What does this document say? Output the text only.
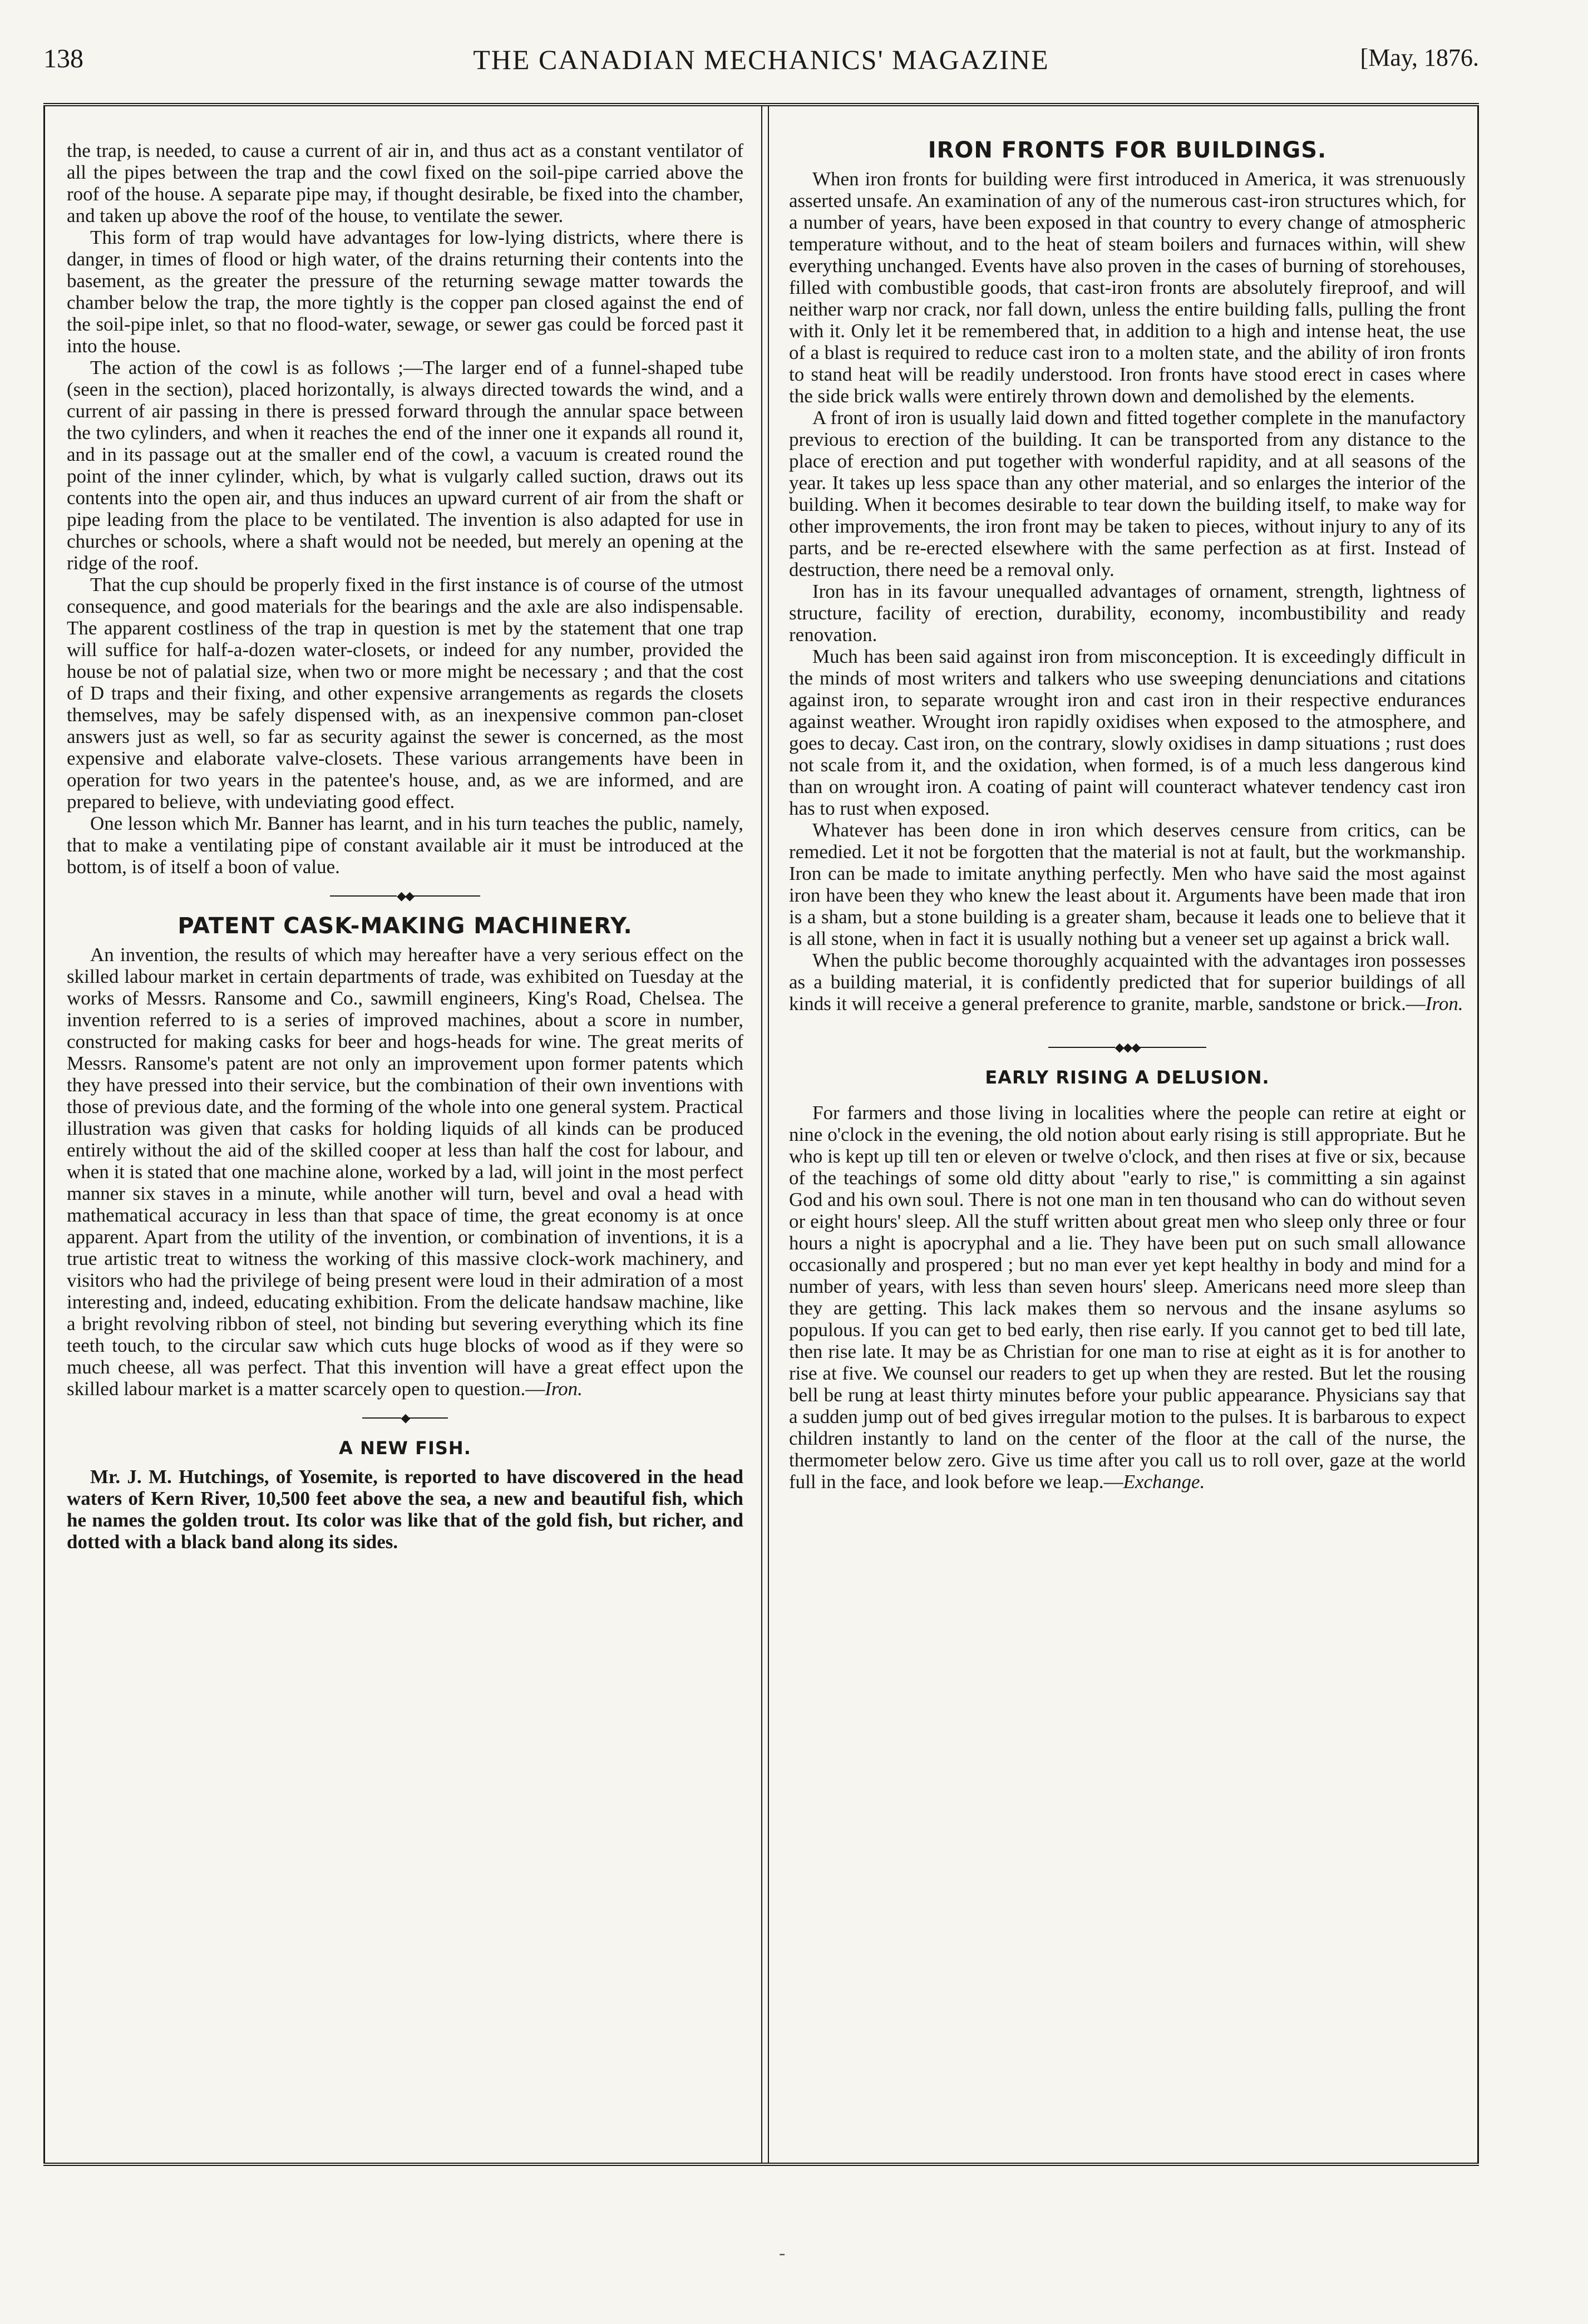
138	THE CANADIAN MECHANICS' MAGAZINE	[May, 1876.

the trap, is needed, to cause a current of air in, and thus act as a constant ventilator of all the pipes between the trap and the cowl fixed on the soil-pipe carried above the roof of the house. A separate pipe may, if thought desirable, be fixed into the chamber, and taken up above the roof of the house, to ventilate the sewer.

This form of trap would have advantages for low-lying districts, where there is danger, in times of flood or high water, of the drains returning their contents into the basement, as the greater the pressure of the returning sewage matter towards the chamber below the trap, the more tightly is the copper pan closed against the end of the soil-pipe inlet, so that no flood-water, sewage, or sewer gas could be forced past it into the house.

The action of the cowl is as follows ;—The larger end of a funnel-shaped tube (seen in the section), placed horizontally, is always directed towards the wind, and a current of air passing in there is pressed forward through the annular space between the two cylinders, and when it reaches the end of the inner one it expands all round it, and in its passage out at the smaller end of the cowl, a vacuum is created round the point of the inner cylinder, which, by what is vulgarly called suction, draws out its contents into the open air, and thus induces an upward current of air from the shaft or pipe leading from the place to be ventilated. The invention is also adapted for use in churches or schools, where a shaft would not be needed, but merely an opening at the ridge of the roof.

That the cup should be properly fixed in the first instance is of course of the utmost consequence, and good materials for the bearings and the axle are also indispensable. The apparent costliness of the trap in question is met by the statement that one trap will suffice for half-a-dozen water-closets, or indeed for any number, provided the house be not of palatial size, when two or more might be necessary ; and that the cost of D traps and their fixing, and other expensive arrangements as regards the closets themselves, may be safely dispensed with, as an inexpensive common pan-closet answers just as well, so far as security against the sewer is concerned, as the most expensive and elaborate valve-closets. These various arrangements have been in operation for two years in the patentee's house, and, as we are informed, and are prepared to believe, with undeviating good effect.

One lesson which Mr. Banner has learnt, and in his turn teaches the public, namely, that to make a ventilating pipe of constant available air it must be introduced at the bottom, is of itself a boon of value.

◆◆
PATENT CASK-MAKING MACHINERY.

An invention, the results of which may hereafter have a very serious effect on the skilled labour market in certain departments of trade, was exhibited on Tuesday at the works of Messrs. Ransome and Co., sawmill engineers, King's Road, Chelsea. The invention referred to is a series of improved machines, about a score in number, constructed for making casks for beer and hogs-heads for wine. The great merits of Messrs. Ransome's patent are not only an improvement upon former patents which they have pressed into their service, but the combination of their own inventions with those of previous date, and the forming of the whole into one general system. Practical illustration was given that casks for holding liquids of all kinds can be produced entirely without the aid of the skilled cooper at less than half the cost for labour, and when it is stated that one machine alone, worked by a lad, will joint in the most perfect manner six staves in a minute, while another will turn, bevel and oval a head with mathematical accuracy in less than that space of time, the great economy is at once apparent. Apart from the utility of the invention, or combination of inventions, it is a true artistic treat to witness the working of this massive clock-work machinery, and visitors who had the privilege of being present were loud in their admiration of a most interesting and, indeed, educating exhibition. From the delicate handsaw machine, like a bright revolving ribbon of steel, not binding but severing everything which its fine teeth touch, to the circular saw which cuts huge blocks of wood as if they were so much cheese, all was perfect. That this invention will have a great effect upon the skilled labour market is a matter scarcely open to question.—Iron.

◆
A NEW FISH.

Mr. J. M. Hutchings, of Yosemite, is reported to have discovered in the head waters of Kern River, 10,500 feet above the sea, a new and beautiful fish, which he names the golden trout. Its color was like that of the gold fish, but richer, and dotted with a black band along its sides.

IRON FRONTS FOR BUILDINGS.

When iron fronts for building were first introduced in America, it was strenuously asserted unsafe. An examination of any of the numerous cast-iron structures which, for a number of years, have been exposed in that country to every change of atmospheric temperature without, and to the heat of steam boilers and furnaces within, will shew everything unchanged. Events have also proven in the cases of burning of storehouses, filled with combustible goods, that cast-iron fronts are absolutely fireproof, and will neither warp nor crack, nor fall down, unless the entire building falls, pulling the front with it. Only let it be remembered that, in addition to a high and intense heat, the use of a blast is required to reduce cast iron to a molten state, and the ability of iron fronts to stand heat will be readily understood. Iron fronts have stood erect in cases where the side brick walls were entirely thrown down and demolished by the elements.

A front of iron is usually laid down and fitted together complete in the manufactory previous to erection of the building. It can be transported from any distance to the place of erection and put together with wonderful rapidity, and at all seasons of the year. It takes up less space than any other material, and so enlarges the interior of the building. When it becomes desirable to tear down the building itself, to make way for other improvements, the iron front may be taken to pieces, without injury to any of its parts, and be re-erected elsewhere with the same perfection as at first. Instead of destruction, there need be a removal only.

Iron has in its favour unequalled advantages of ornament, strength, lightness of structure, facility of erection, durability, economy, incombustibility and ready renovation.

Much has been said against iron from misconception. It is exceedingly difficult in the minds of most writers and talkers who use sweeping denunciations and citations against iron, to separate wrought iron and cast iron in their respective endurances against weather. Wrought iron rapidly oxidises when exposed to the atmosphere, and goes to decay. Cast iron, on the contrary, slowly oxidises in damp situations ; rust does not scale from it, and the oxidation, when formed, is of a much less dangerous kind than on wrought iron. A coating of paint will counteract whatever tendency cast iron has to rust when exposed.

Whatever has been done in iron which deserves censure from critics, can be remedied. Let it not be forgotten that the material is not at fault, but the workmanship. Iron can be made to imitate anything perfectly. Men who have said the most against iron have been they who knew the least about it. Arguments have been made that iron is a sham, but a stone building is a greater sham, because it leads one to believe that it is all stone, when in fact it is usually nothing but a veneer set up against a brick wall.

When the public become thoroughly acquainted with the advantages iron possesses as a building material, it is confidently predicted that for superior buildings of all kinds it will receive a general preference to granite, marble, sandstone or brick.—Iron.

◆◆◆
EARLY RISING A DELUSION.

For farmers and those living in localities where the people can retire at eight or nine o'clock in the evening, the old notion about early rising is still appropriate. But he who is kept up till ten or eleven or twelve o'clock, and then rises at five or six, because of the teachings of some old ditty about "early to rise," is committing a sin against God and his own soul. There is not one man in ten thousand who can do without seven or eight hours' sleep. All the stuff written about great men who sleep only three or four hours a night is apocryphal and a lie. They have been put on such small allowance occasionally and prospered ; but no man ever yet kept healthy in body and mind for a number of years, with less than seven hours' sleep. Americans need more sleep than they are getting. This lack makes them so nervous and the insane asylums so populous. If you can get to bed early, then rise early. If you cannot get to bed till late, then rise late. It may be as Christian for one man to rise at eight as it is for another to rise at five. We counsel our readers to get up when they are rested. But let the rousing bell be rung at least thirty minutes before your public appearance. Physicians say that a sudden jump out of bed gives irregular motion to the pulses. It is barbarous to expect children instantly to land on the center of the floor at the call of the nurse, the thermometer below zero. Give us time after you call us to roll over, gaze at the world full in the face, and look before we leap.—Exchange.

-
